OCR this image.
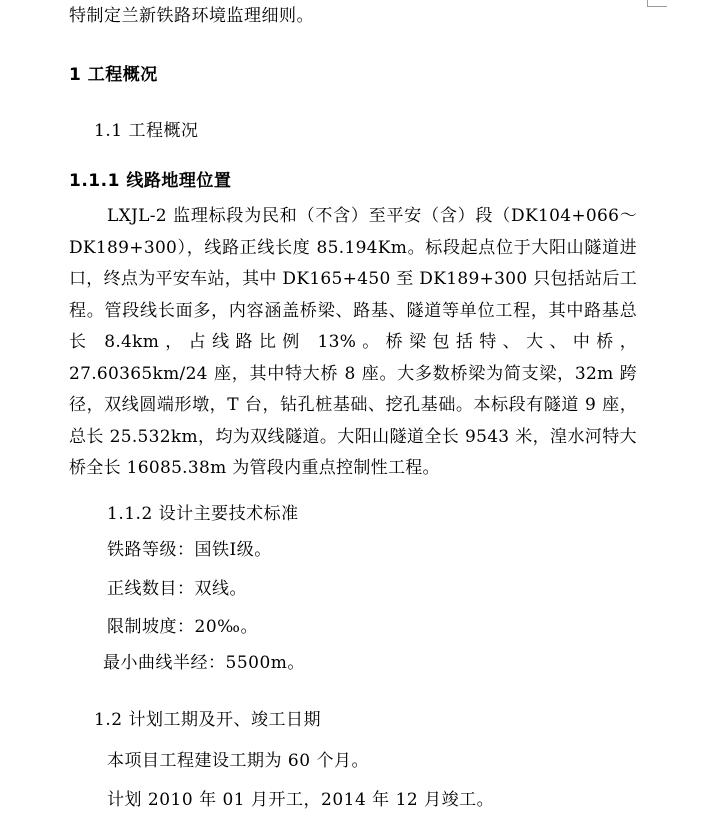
特制定兰新铁路环境监理细则。
1 工程概况
1.1 工程概况
1.1.1 线路地理位置
LXJL-2 监理标段为民和（不含）至平安（含）段（DK104+066～DK189+300），线路正线长度 85.194Km。标段起点位于大阳山隧道进口，终点为平安车站，其中 DK165+450 至 DK189+300 只包括站后工程。管段线长面多，内容涵盖桥梁、路基、隧道等单位工程，其中路基总长 8.4km，占线路比例 13%。桥梁包括特、大、中桥，27.60365km/24 座，其中特大桥 8 座。大多数桥梁为简支梁，32m 跨径，双线圆端形墩，T 台，钻孔桩基础、挖孔基础。本标段有隧道 9 座，总长 25.532km，均为双线隧道。大阳山隧道全长 9543 米，湟水河特大桥全长 16085.38m 为管段内重点控制性工程。
1.1.2 设计主要技术标准
铁路等级：国铁Ⅰ级。
正线数目：双线。
限制坡度：20‰。
最小曲线半经：5500m。
1.2 计划工期及开、竣工日期
本项目工程建设工期为 60 个月。
计划 2010 年 01 月开工，2014 年 12 月竣工。
